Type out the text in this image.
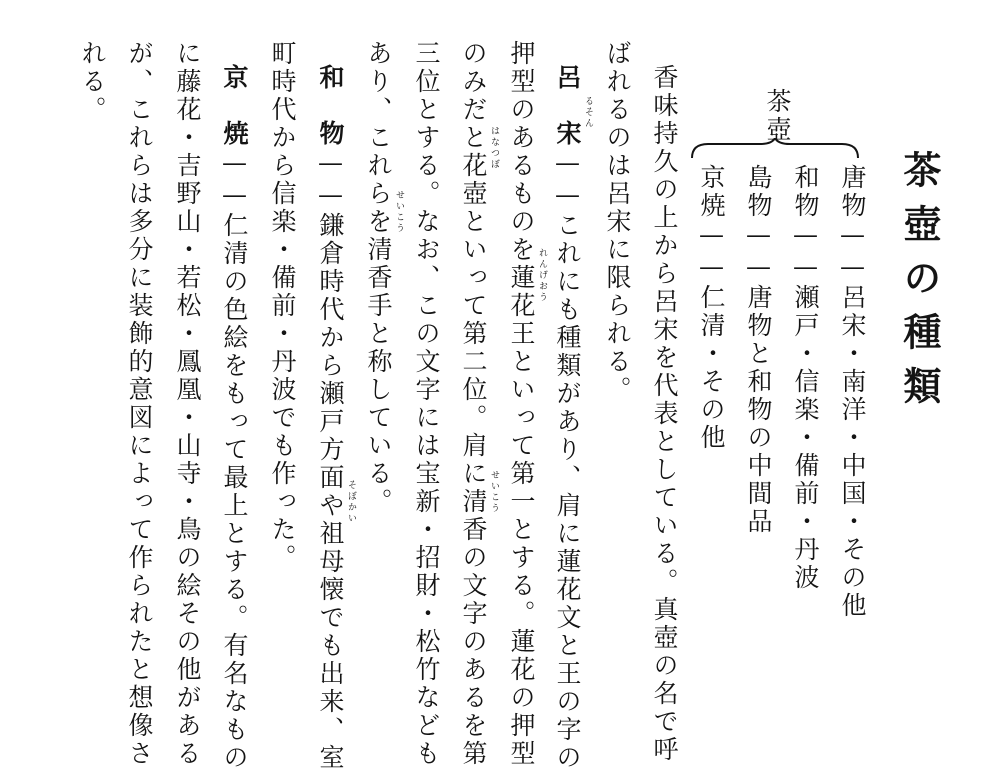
茶壺の種類
茶壺
唐物——呂宋・南洋・中国・その他
和物——瀬戸・信楽・備前・丹波
島物——唐物と和物の中間品
京焼——仁清・その他
香味持久の上から呂宋を代表としている。真壺の名で呼
ばれるのは呂宋に限られる。
呂　宋——これにも種類があり、肩に蓮花文と王の字の
押型のあるものを蓮花王といって第一とする。蓮花の押型
のみだと花壺といって第二位。肩に清香の文字のあるを第
三位とする。なお、この文字には宝新・招財・松竹なども
あり、これらを清香手と称している。
和　物——鎌倉時代から瀬戸方面や祖母懐でも出来、室
町時代から信楽・備前・丹波でも作った。
京　焼——仁清の色絵をもって最上とする。有名なもの
に藤花・吉野山・若松・鳳凰・山寺・鳥の絵その他がある
が、これらは多分に装飾的意図によって作られたと想像さ
れる。	るそん
れんげおう
はなつぼ
せいこう
せいこう
そぼかい
